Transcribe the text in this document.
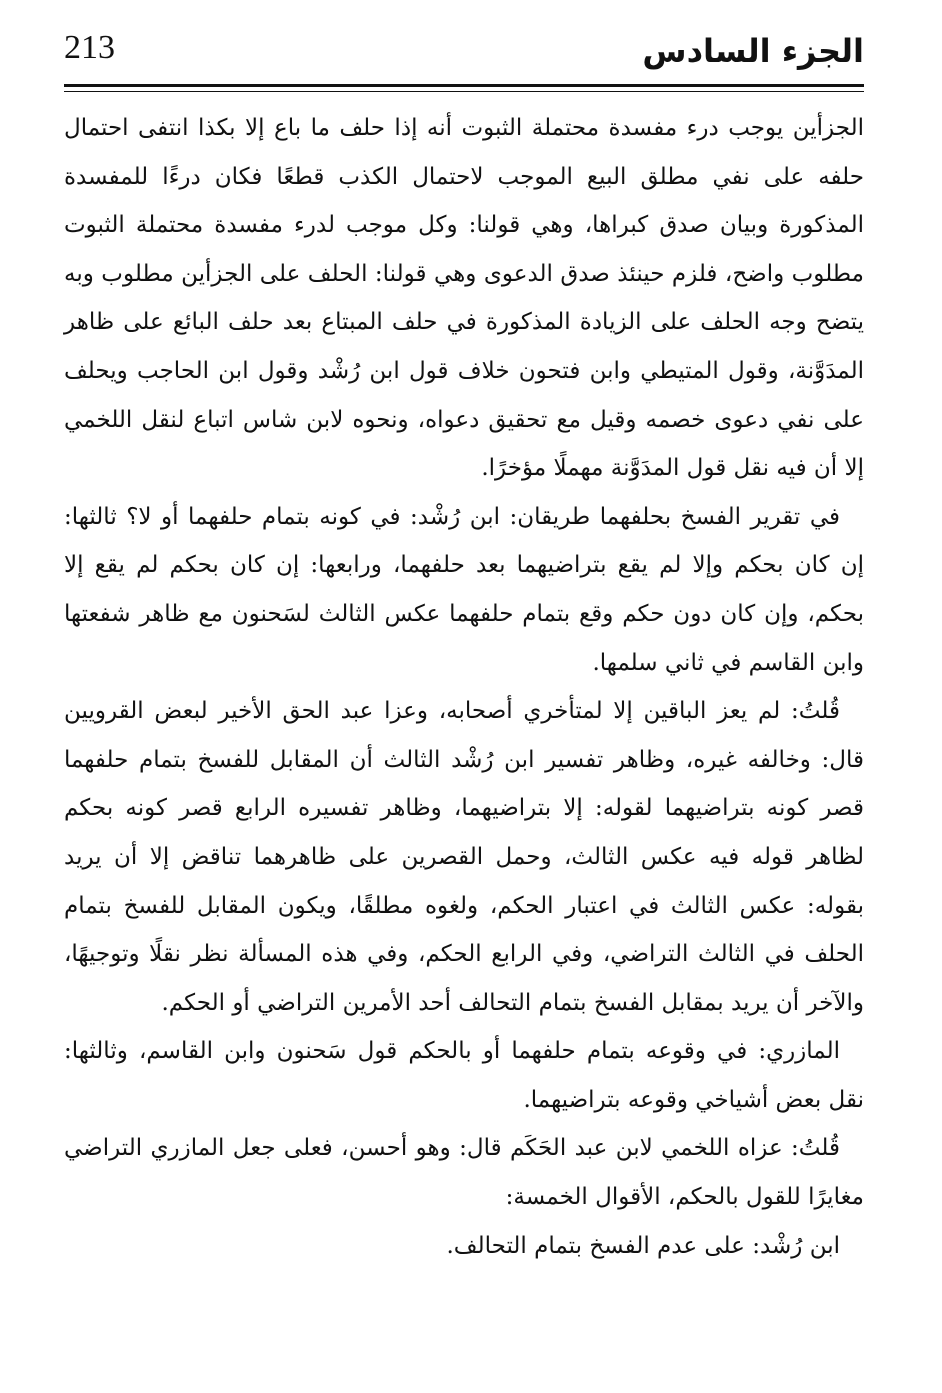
213	الجزء السادس

الجزأين يوجب درء مفسدة محتملة الثبوت أنه إذا حلف ما باع إلا بكذا انتفى احتمال حلفه على نفي مطلق البيع الموجب لاحتمال الكذب قطعًا فكان درءًا للمفسدة المذكورة وبيان صدق كبراها، وهي قولنا: وكل موجب لدرء مفسدة محتملة الثبوت مطلوب واضح، فلزم حينئذ صدق الدعوى وهي قولنا: الحلف على الجزأين مطلوب وبه يتضح وجه الحلف على الزيادة المذكورة في حلف المبتاع بعد حلف البائع على ظاهر المدَوَّنة، وقول المتيطي وابن فتحون خلاف قول ابن رُشْد وقول ابن الحاجب ويحلف على نفي دعوى خصمه وقيل مع تحقيق دعواه، ونحوه لابن شاس اتباع لنقل اللخمي إلا أن فيه نقل قول المدَوَّنة مهملًا مؤخرًا.

في تقرير الفسخ بحلفهما طريقان: ابن رُشْد: في كونه بتمام حلفهما أو لا؟ ثالثها: إن كان بحكم وإلا لم يقع بتراضيهما بعد حلفهما، ورابعها: إن كان بحكم لم يقع إلا بحكم، وإن كان دون حكم وقع بتمام حلفهما عكس الثالث لسَحنون مع ظاهر شفعتها وابن القاسم في ثاني سلمها.

قُلتُ: لم يعز الباقين إلا لمتأخري أصحابه، وعزا عبد الحق الأخير لبعض القرويين قال: وخالفه غيره، وظاهر تفسير ابن رُشْد الثالث أن المقابل للفسخ بتمام حلفهما قصر كونه بتراضيهما لقوله: إلا بتراضيهما، وظاهر تفسيره الرابع قصر كونه بحكم لظاهر قوله فيه عكس الثالث، وحمل القصرين على ظاهرهما تناقض إلا أن يريد بقوله: عكس الثالث في اعتبار الحكم، ولغوه مطلقًا، ويكون المقابل للفسخ بتمام الحلف في الثالث التراضي، وفي الرابع الحكم، وفي هذه المسألة نظر نقلًا وتوجيهًا، والآخر أن يريد بمقابل الفسخ بتمام التحالف أحد الأمرين التراضي أو الحكم.

المازري: في وقوعه بتمام حلفهما أو بالحكم قول سَحنون وابن القاسم، وثالثها: نقل بعض أشياخي وقوعه بتراضيهما.

قُلتُ: عزاه اللخمي لابن عبد الحَكَم قال: وهو أحسن، فعلى جعل المازري التراضي مغايرًا للقول بالحكم، الأقوال الخمسة:

ابن رُشْد: على عدم الفسخ بتمام التحالف.
